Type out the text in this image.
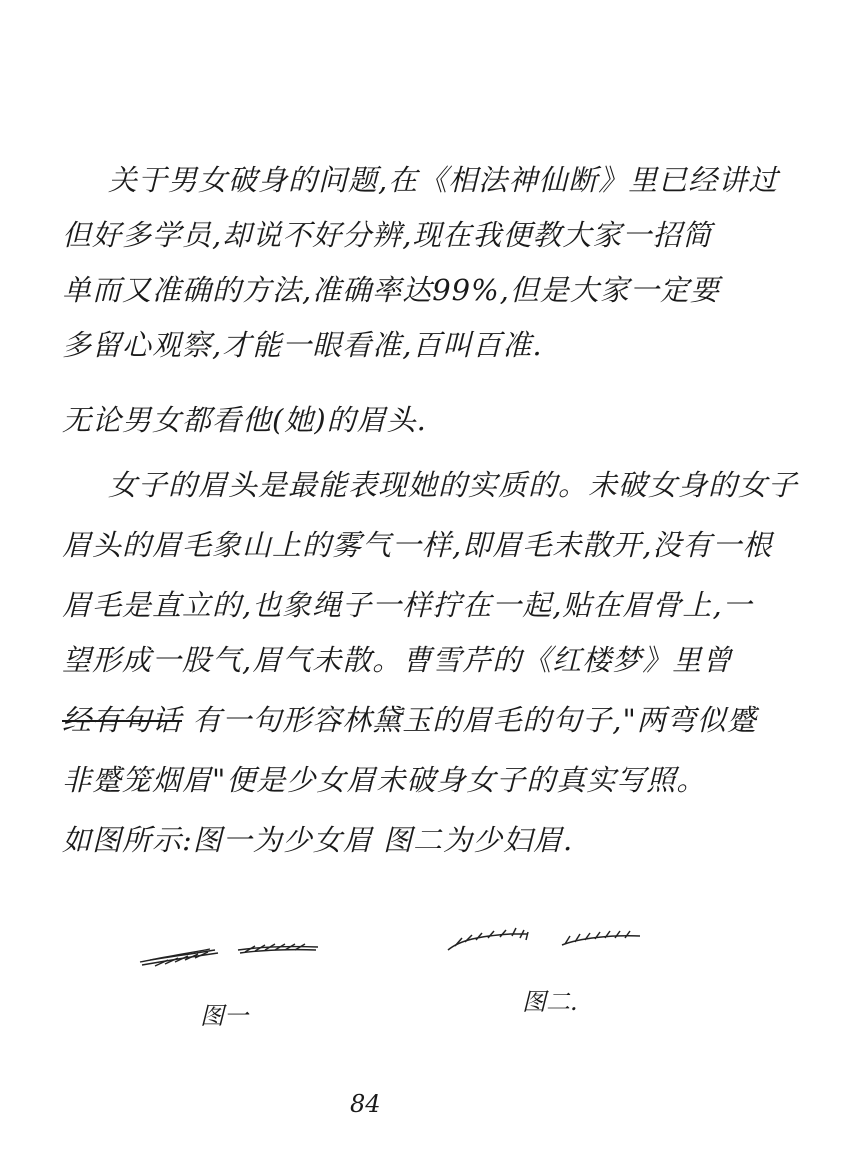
关于男女破身的问题,在《相法神仙断》里已经讲过
但好多学员,却说不好分辨,现在我便教大家一招简
单而又准确的方法,准确率达99%,但是大家一定要
多留心观察,才能一眼看准,百叫百准.
无论男女都看他(她)的眉头.
女子的眉头是最能表现她的实质的。未破女身的女子
眉头的眉毛象山上的雾气一样,即眉毛未散开,没有一根
眉毛是直立的,也象绳子一样拧在一起,贴在眉骨上,一
望形成一股气,眉气未散。曹雪芹的《红楼梦》里曾
经有句话 有一句形容林黛玉的眉毛的句子,"两弯似蹙
非蹙笼烟眉"便是少女眉未破身女子的真实写照。
如图所示:图一为少女眉 图二为少妇眉.
图一	图二.
84
